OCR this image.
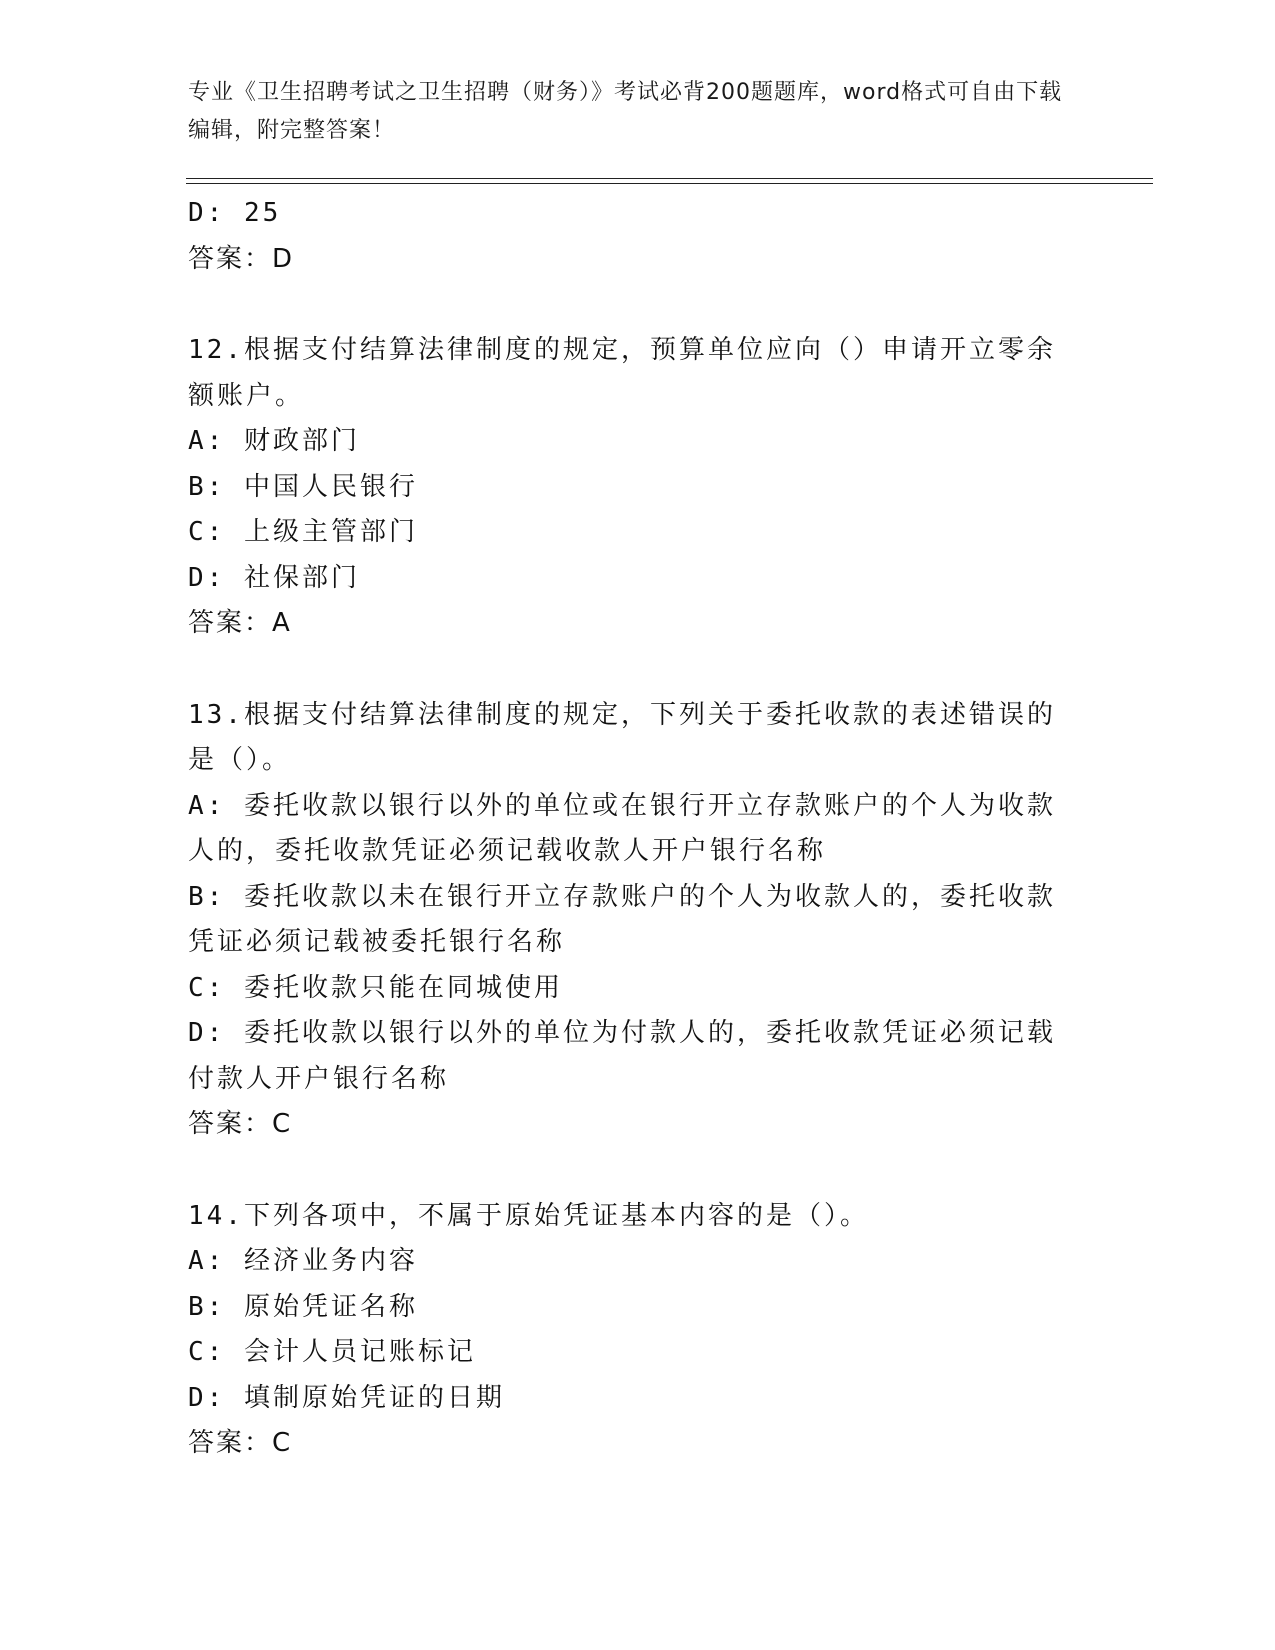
专业《卫生招聘考试之卫生招聘（财务）》考试必背200题题库，word格式可自由下载编辑，附完整答案！
D: 25
答案：D
12.根据支付结算法律制度的规定，预算单位应向（）申请开立零余额账户。
A: 财政部门
B: 中国人民银行
C: 上级主管部门
D: 社保部门
答案：A
13.根据支付结算法律制度的规定，下列关于委托收款的表述错误的是（）。
A: 委托收款以银行以外的单位或在银行开立存款账户的个人为收款人的，委托收款凭证必须记载收款人开户银行名称
B: 委托收款以未在银行开立存款账户的个人为收款人的，委托收款凭证必须记载被委托银行名称
C: 委托收款只能在同城使用
D: 委托收款以银行以外的单位为付款人的，委托收款凭证必须记载付款人开户银行名称
答案：C
14.下列各项中，不属于原始凭证基本内容的是（）。
A: 经济业务内容
B: 原始凭证名称
C: 会计人员记账标记
D: 填制原始凭证的日期
答案：C
